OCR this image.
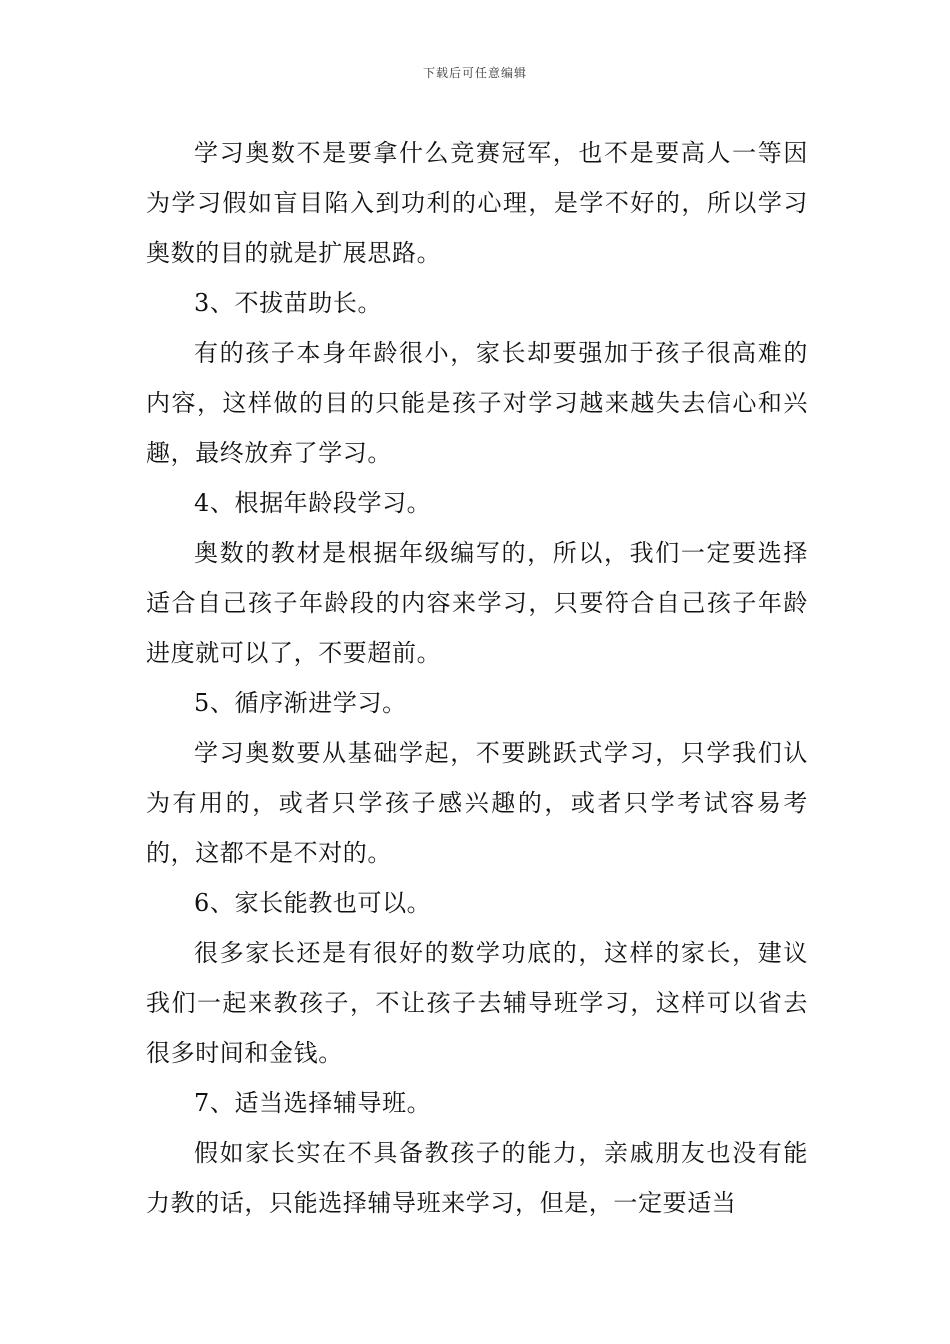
下载后可任意编辑

学习奥数不是要拿什么竞赛冠军，也不是要高人一等因为学习假如盲目陷入到功利的心理，是学不好的，所以学习奥数的目的就是扩展思路。

3、不拔苗助长。

有的孩子本身年龄很小，家长却要强加于孩子很高难的内容，这样做的目的只能是孩子对学习越来越失去信心和兴趣，最终放弃了学习。

4、根据年龄段学习。

奥数的教材是根据年级编写的，所以，我们一定要选择适合自己孩子年龄段的内容来学习，只要符合自己孩子年龄进度就可以了，不要超前。

5、循序渐进学习。

学习奥数要从基础学起，不要跳跃式学习，只学我们认为有用的，或者只学孩子感兴趣的，或者只学考试容易考的，这都不是不对的。

6、家长能教也可以。

很多家长还是有很好的数学功底的，这样的家长，建议我们一起来教孩子，不让孩子去辅导班学习，这样可以省去很多时间和金钱。

7、适当选择辅导班。

假如家长实在不具备教孩子的能力，亲戚朋友也没有能力教的话，只能选择辅导班来学习，但是，一定要适当
